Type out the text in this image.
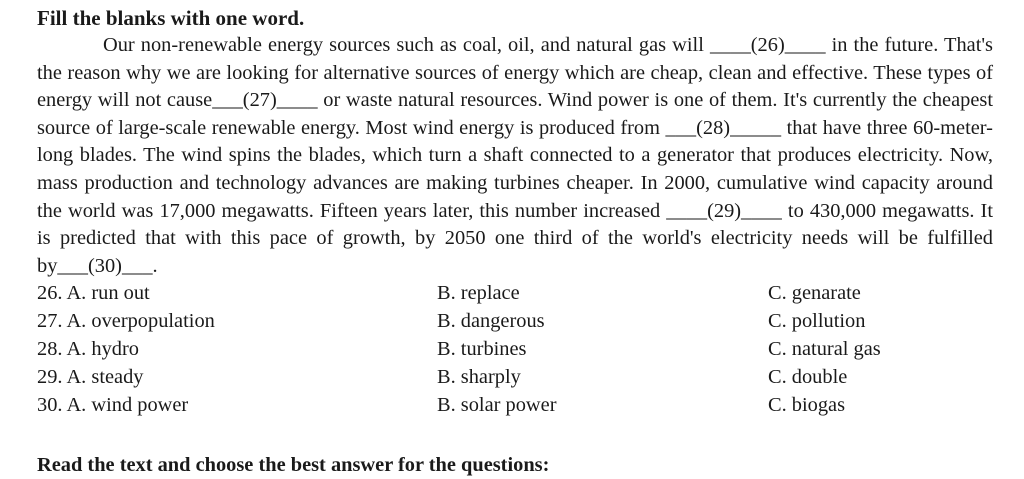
Fill the blanks with one word.

Our non-renewable energy sources such as coal, oil, and natural gas will ____(26)____ in the future. That's the reason why we are looking for alternative sources of energy which are cheap, clean and effective. These types of energy will not cause___(27)____ or waste natural resources. Wind power is one of them. It's currently the cheapest source of large-scale renewable energy. Most wind energy is produced from ___(28)_____ that have three 60-meter-long blades. The wind spins the blades, which turn a shaft connected to a generator that produces electricity. Now, mass production and technology advances are making turbines cheaper. In 2000, cumulative wind capacity around the world was 17,000 megawatts. Fifteen years later, this number increased ____(29)____ to 430,000 megawatts. It is predicted that with this pace of growth, by 2050 one third of the world's electricity needs will be fulfilled by___(30)___.

26. A. run out	B. replace	C. genarate
27. A. overpopulation	B. dangerous	C. pollution
28. A. hydro	B. turbines	C. natural gas
29. A. steady	B. sharply	C. double
30. A. wind power	B. solar power	C. biogas
Read the text and choose the best answer for the questions:
